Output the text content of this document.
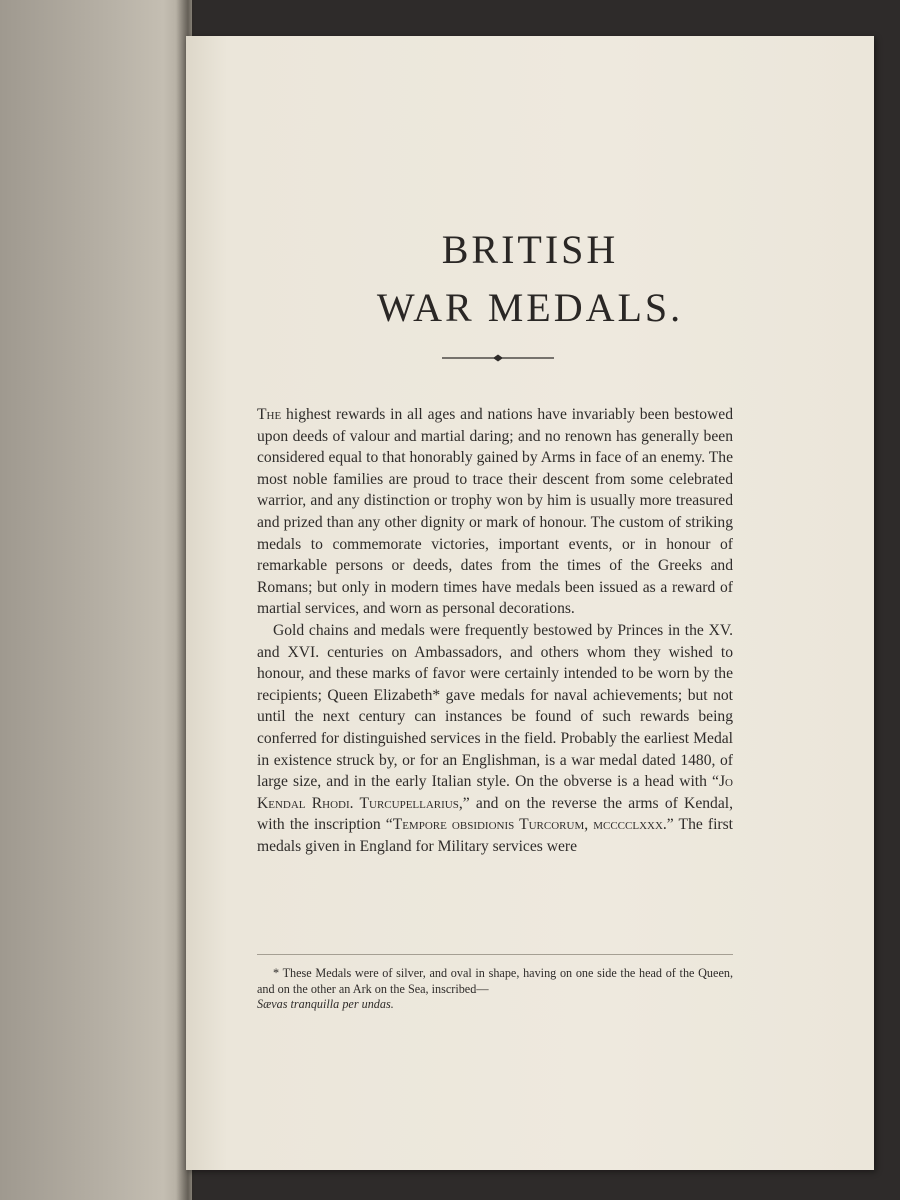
BRITISH
WAR MEDALS.

The highest rewards in all ages and nations have invariably been bestowed upon deeds of valour and martial daring; and no renown has generally been considered equal to that honorably gained by Arms in face of an enemy. The most noble families are proud to trace their descent from some celebrated warrior, and any distinction or trophy won by him is usually more treasured and prized than any other dignity or mark of honour. The custom of striking medals to commemorate victories, important events, or in honour of remarkable persons or deeds, dates from the times of the Greeks and Romans; but only in modern times have medals been issued as a reward of martial services, and worn as personal decorations.

Gold chains and medals were frequently bestowed by Princes in the XV. and XVI. centuries on Ambassadors, and others whom they wished to honour, and these marks of favor were certainly intended to be worn by the recipients; Queen Elizabeth* gave medals for naval achievements; but not until the next century can instances be found of such rewards being conferred for distinguished services in the field. Probably the earliest Medal in existence struck by, or for an Englishman, is a war medal dated 1480, of large size, and in the early Italian style. On the obverse is a head with “Jo Kendal Rhodi. Turcupellarius,” and on the reverse the arms of Kendal, with the inscription “Tempore obsidionis Turcorum, mcccclxxx.” The first medals given in England for Military services were

* These Medals were of silver, and oval in shape, having on one side the head of the Queen, and on the other an Ark on the Sea, inscribed—
Sævas tranquilla per undas.
